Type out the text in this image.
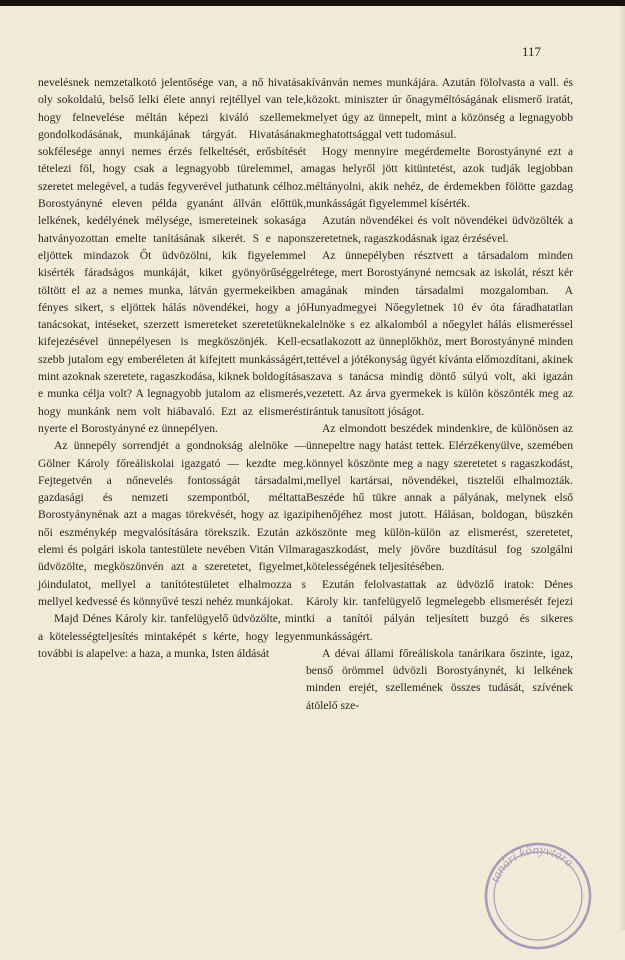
117

nevelésnek nemzetalkotó jelentősége van, a nő hivatása oly sokoldalú, belső lelki élete annyi rejtéllyel van tele, hogy felnevelése méltán képezi kiváló szellemek gondolkodásának, munkájának tárgyát. Hivatásának sokfélesége annyi nemes érzés felkeltését, erősbítését tételezi föl, hogy csak a legnagyobb türelemmel, a szeretet melegével, a tudás fegyverével juthatunk célhoz. Borostyányné eleven példa gyanánt állván előttük, lelkének, kedélyének mélysége, ismereteinek sokasága hatványozottan emelte tanításának sikerét. S e napon eljöttek mindazok Őt üdvözölni, kik figyelemmel kisérték fáradságos munkáját, kiket gyönyörűséggel töltött el az a nemes munka, látván gyermekeikben a fényes sikert, s eljöttek hálás növendékei, hogy a jó tanácsokat, intéseket, szerzett ismereteket szeretetüknek kifejezésével ünnepélyesen is megköszönjék. Kell-e szebb jutalom egy emberéleten át kifejtett munkásságért, mint azoknak szeretete, ragaszkodása, kiknek boldogítása e munka célja volt? A legnagyobb jutalom az elismerés, hogy munkánk nem volt hiábavaló. Ezt az elismerést nyerte el Borostyányné ez ünnepélyen.

Az ünnepély sorrendjét a gondnokság alelnöke — Gölner Károly főreáliskolai igazgató — kezdte meg. Fejtegetvén a nőnevelés fontosságát társadalmi, gazdasági és nemzeti szempontból, méltatta Borostyánynénak azt a magas törekvését, hogy az igazi női eszménykép megvalósítására törekszik. Ezután az elemi és polgári iskola tantestülete nevében Vitán Vilma üdvözölte, megköszönvén azt a szeretetet, figyelmet, jóindulatot, mellyel a tanítótestületet elhalmozza s mellyel kedvessé és könnyűvé teszi nehéz munkájokat.

Majd Dénes Károly kir. tanfelügyelő üdvözölte, mint a kötelességteljesítés mintaképét s kérte, hogy legyen további is alapelve: a haza, a munka, Isten áldását

kívánván nemes munkájára. Azután fölolvasta a vall. és közokt. miniszter úr őnagyméltóságának elismerő iratát, melyet úgy az ünnepelt, mint a közönség a legnagyobb meghatottsággal vett tudomásul.

Hogy mennyire megérdemelte Borostyányné ezt a magas helyről jött kitüntetést, azok tudják legjobban méltányolni, akik nehéz, de érdemekben fölötte gazdag munkásságát figyelemmel kísérték.

Azután növendékei és volt növendékei üdvözölték a szeretetnek, ragaszkodásnak igaz érzésével.

Az ünnepélyben résztvett a társadalom minden rétege, mert Borostyányné nemcsak az iskolát, részt kér magának minden társadalmi mozgalomban. A Hunyadmegyei Nőegyletnek 10 év óta fáradhatatlan alelnöke s ez alkalomból a nőegylet hálás elismeréssel csatlakozott az ünneplőkhöz, mert Borostyányné minden tettével a jótékonyság ügyét kívánta előmozdítani, akinek szava s tanácsa mindig döntő súlyú volt, aki igazán vezetett. Az árva gyermekek is külön köszönték meg az irántuk tanusított jóságot.

Az elmondott beszédek mindenkire, de különösen az ünnepeltre nagy hatást tettek. Elérzékenyülve, szemében könnyel köszönte meg a nagy szeretetet s ragaszkodást, mellyel kartársai, növendékei, tisztelői elhalmozták. Beszéde hű tükre annak a pályának, melynek első pihenőjéhez most jutott. Hálásan, boldogan, büszkén köszönte meg külön-külön az elismerést, szeretetet, ragaszkodást, mely jövőre buzdításul fog szolgálni kötelességének teljesítésében.

Ezután felolvastattak az üdvözlő iratok: Dénes Károly kir. tanfelügyelő legmelegebb elismerését fejezi ki a tanítói pályán teljesített buzgó és sikeres munkásságért.

A dévai állami főreáliskola tanárikara őszinte, igaz, benső örömmel üdvözli Borostyánynét, ki lelkének minden erejét, szellemének összes tudását, szívének átölelő sze-

tanári könyvtára
